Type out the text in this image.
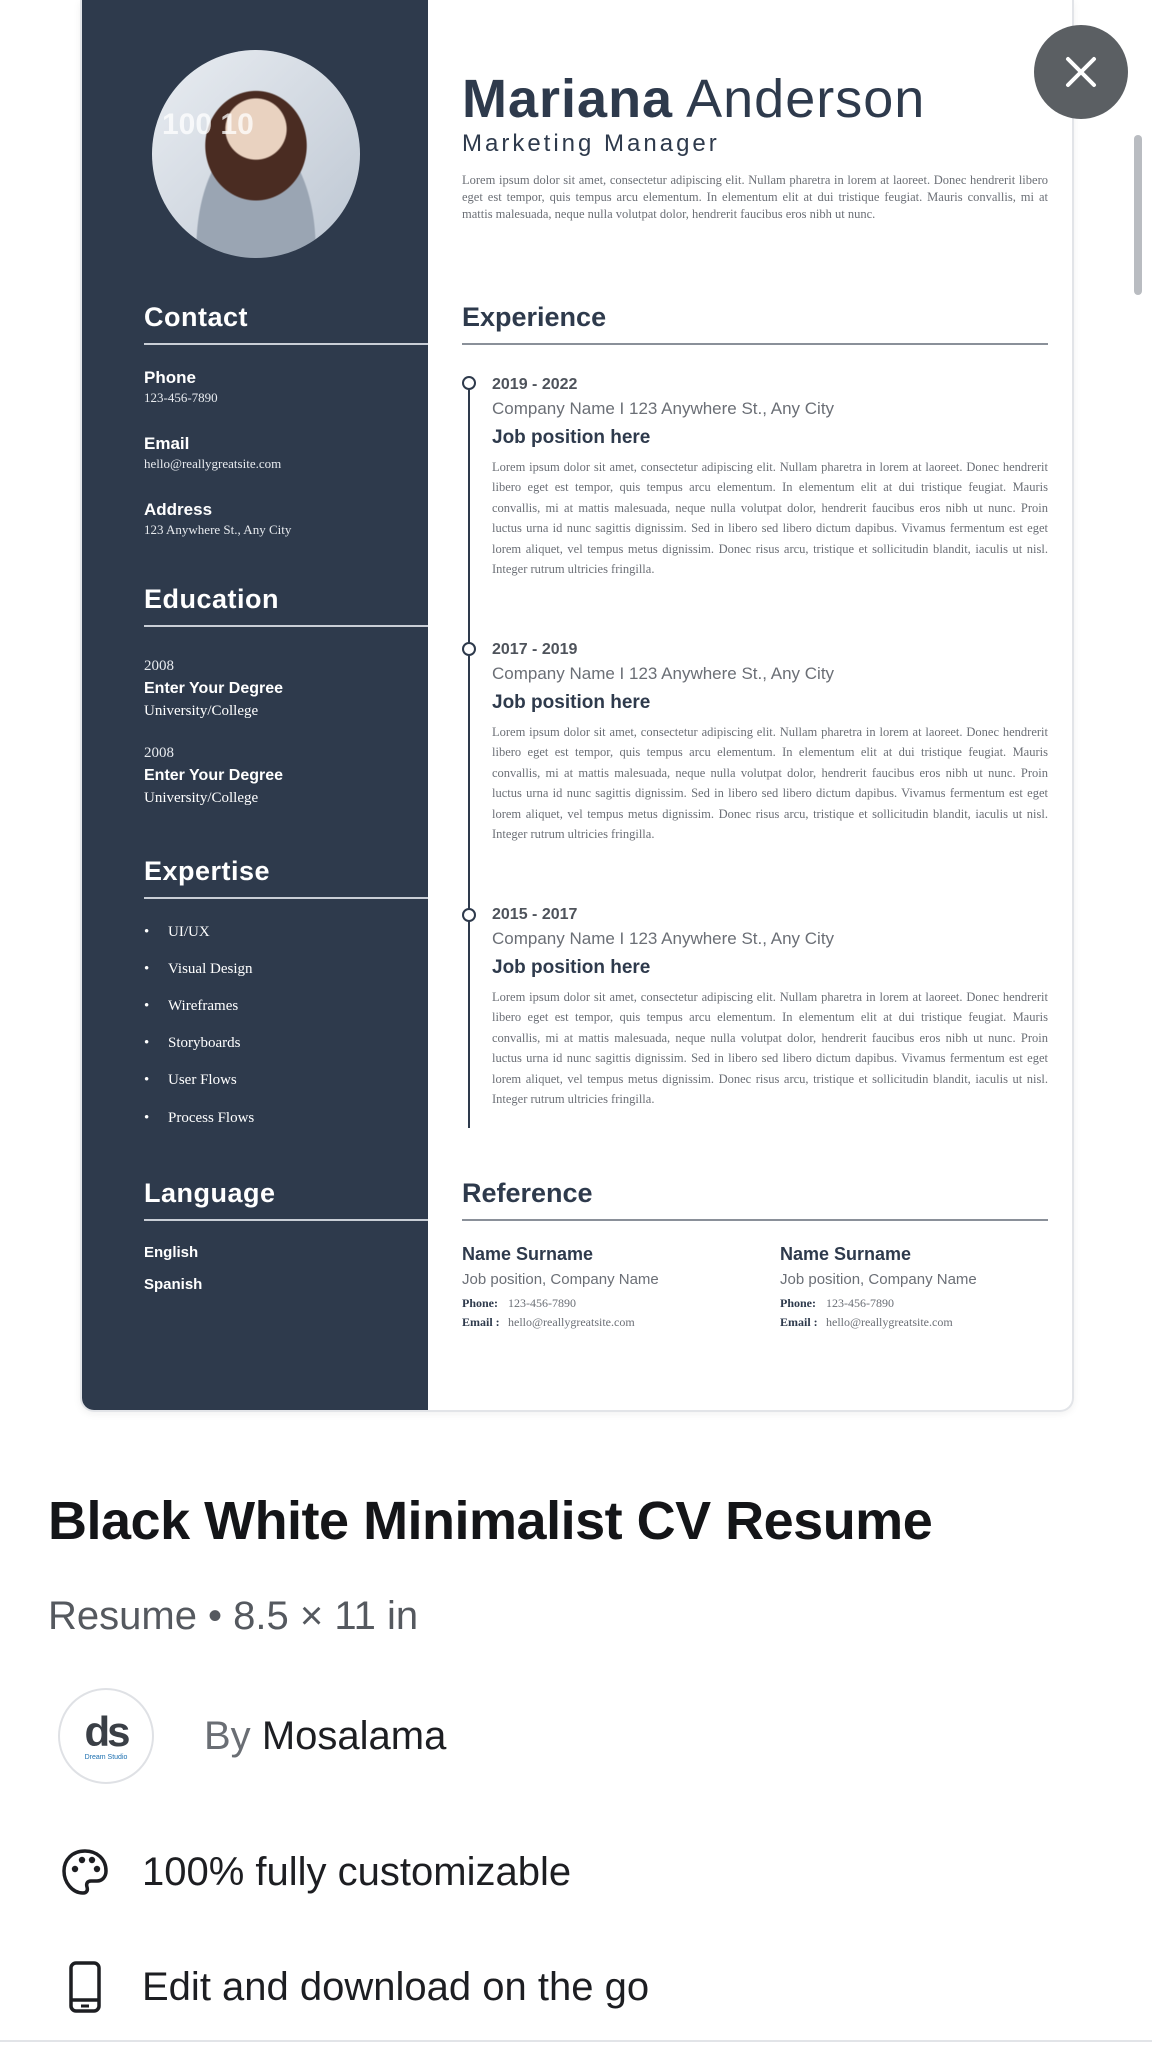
100 10
Contact
Phone
123-456-7890
Email
hello@reallygreatsite.com
Address
123 Anywhere St., Any City
Education
2008
Enter Your Degree
University/College
2008
Enter Your Degree
University/College
Expertise
• UI/UX
• Visual Design
• Wireframes
• Storyboards
• User Flows
• Process Flows
Language
English
Spanish
Mariana Anderson
Marketing Manager
Lorem ipsum dolor sit amet, consectetur adipiscing elit. Nullam pharetra in lorem at laoreet. Donec hendrerit libero eget est tempor, quis tempus arcu elementum. In elementum elit at dui tristique feugiat. Mauris convallis, mi at mattis malesuada, neque nulla volutpat dolor, hendrerit faucibus eros nibh ut nunc.
Experience
2019 - 2022
Company Name I 123 Anywhere St., Any City
Job position here
Lorem ipsum dolor sit amet, consectetur adipiscing elit. Nullam pharetra in lorem at laoreet. Donec hendrerit libero eget est tempor, quis tempus arcu elementum. In elementum elit at dui tristique feugiat. Mauris convallis, mi at mattis malesuada, neque nulla volutpat dolor, hendrerit faucibus eros nibh ut nunc. Proin luctus urna id nunc sagittis dignissim. Sed in libero sed libero dictum dapibus. Vivamus fermentum est eget lorem aliquet, vel tempus metus dignissim. Donec risus arcu, tristique et sollicitudin blandit, iaculis ut nisl. Integer rutrum ultricies fringilla.
2017 - 2019
Company Name I 123 Anywhere St., Any City
Job position here
Lorem ipsum dolor sit amet, consectetur adipiscing elit. Nullam pharetra in lorem at laoreet. Donec hendrerit libero eget est tempor, quis tempus arcu elementum. In elementum elit at dui tristique feugiat. Mauris convallis, mi at mattis malesuada, neque nulla volutpat dolor, hendrerit faucibus eros nibh ut nunc. Proin luctus urna id nunc sagittis dignissim. Sed in libero sed libero dictum dapibus. Vivamus fermentum est eget lorem aliquet, vel tempus metus dignissim. Donec risus arcu, tristique et sollicitudin blandit, iaculis ut nisl. Integer rutrum ultricies fringilla.
2015 - 2017
Company Name I 123 Anywhere St., Any City
Job position here
Lorem ipsum dolor sit amet, consectetur adipiscing elit. Nullam pharetra in lorem at laoreet. Donec hendrerit libero eget est tempor, quis tempus arcu elementum. In elementum elit at dui tristique feugiat. Mauris convallis, mi at mattis malesuada, neque nulla volutpat dolor, hendrerit faucibus eros nibh ut nunc. Proin luctus urna id nunc sagittis dignissim. Sed in libero sed libero dictum dapibus. Vivamus fermentum est eget lorem aliquet, vel tempus metus dignissim. Donec risus arcu, tristique et sollicitudin blandit, iaculis ut nisl. Integer rutrum ultricies fringilla.
Reference
Name Surname
Job position, Company Name
Phone: 123-456-7890
Email : hello@reallygreatsite.com
Name Surname
Job position, Company Name
Phone: 123-456-7890
Email : hello@reallygreatsite.com
Black White Minimalist CV Resume
Resume • 8.5 × 11 in
ds
Dream Studio By Mosalama
100% fully customizable
Edit and download on the go
